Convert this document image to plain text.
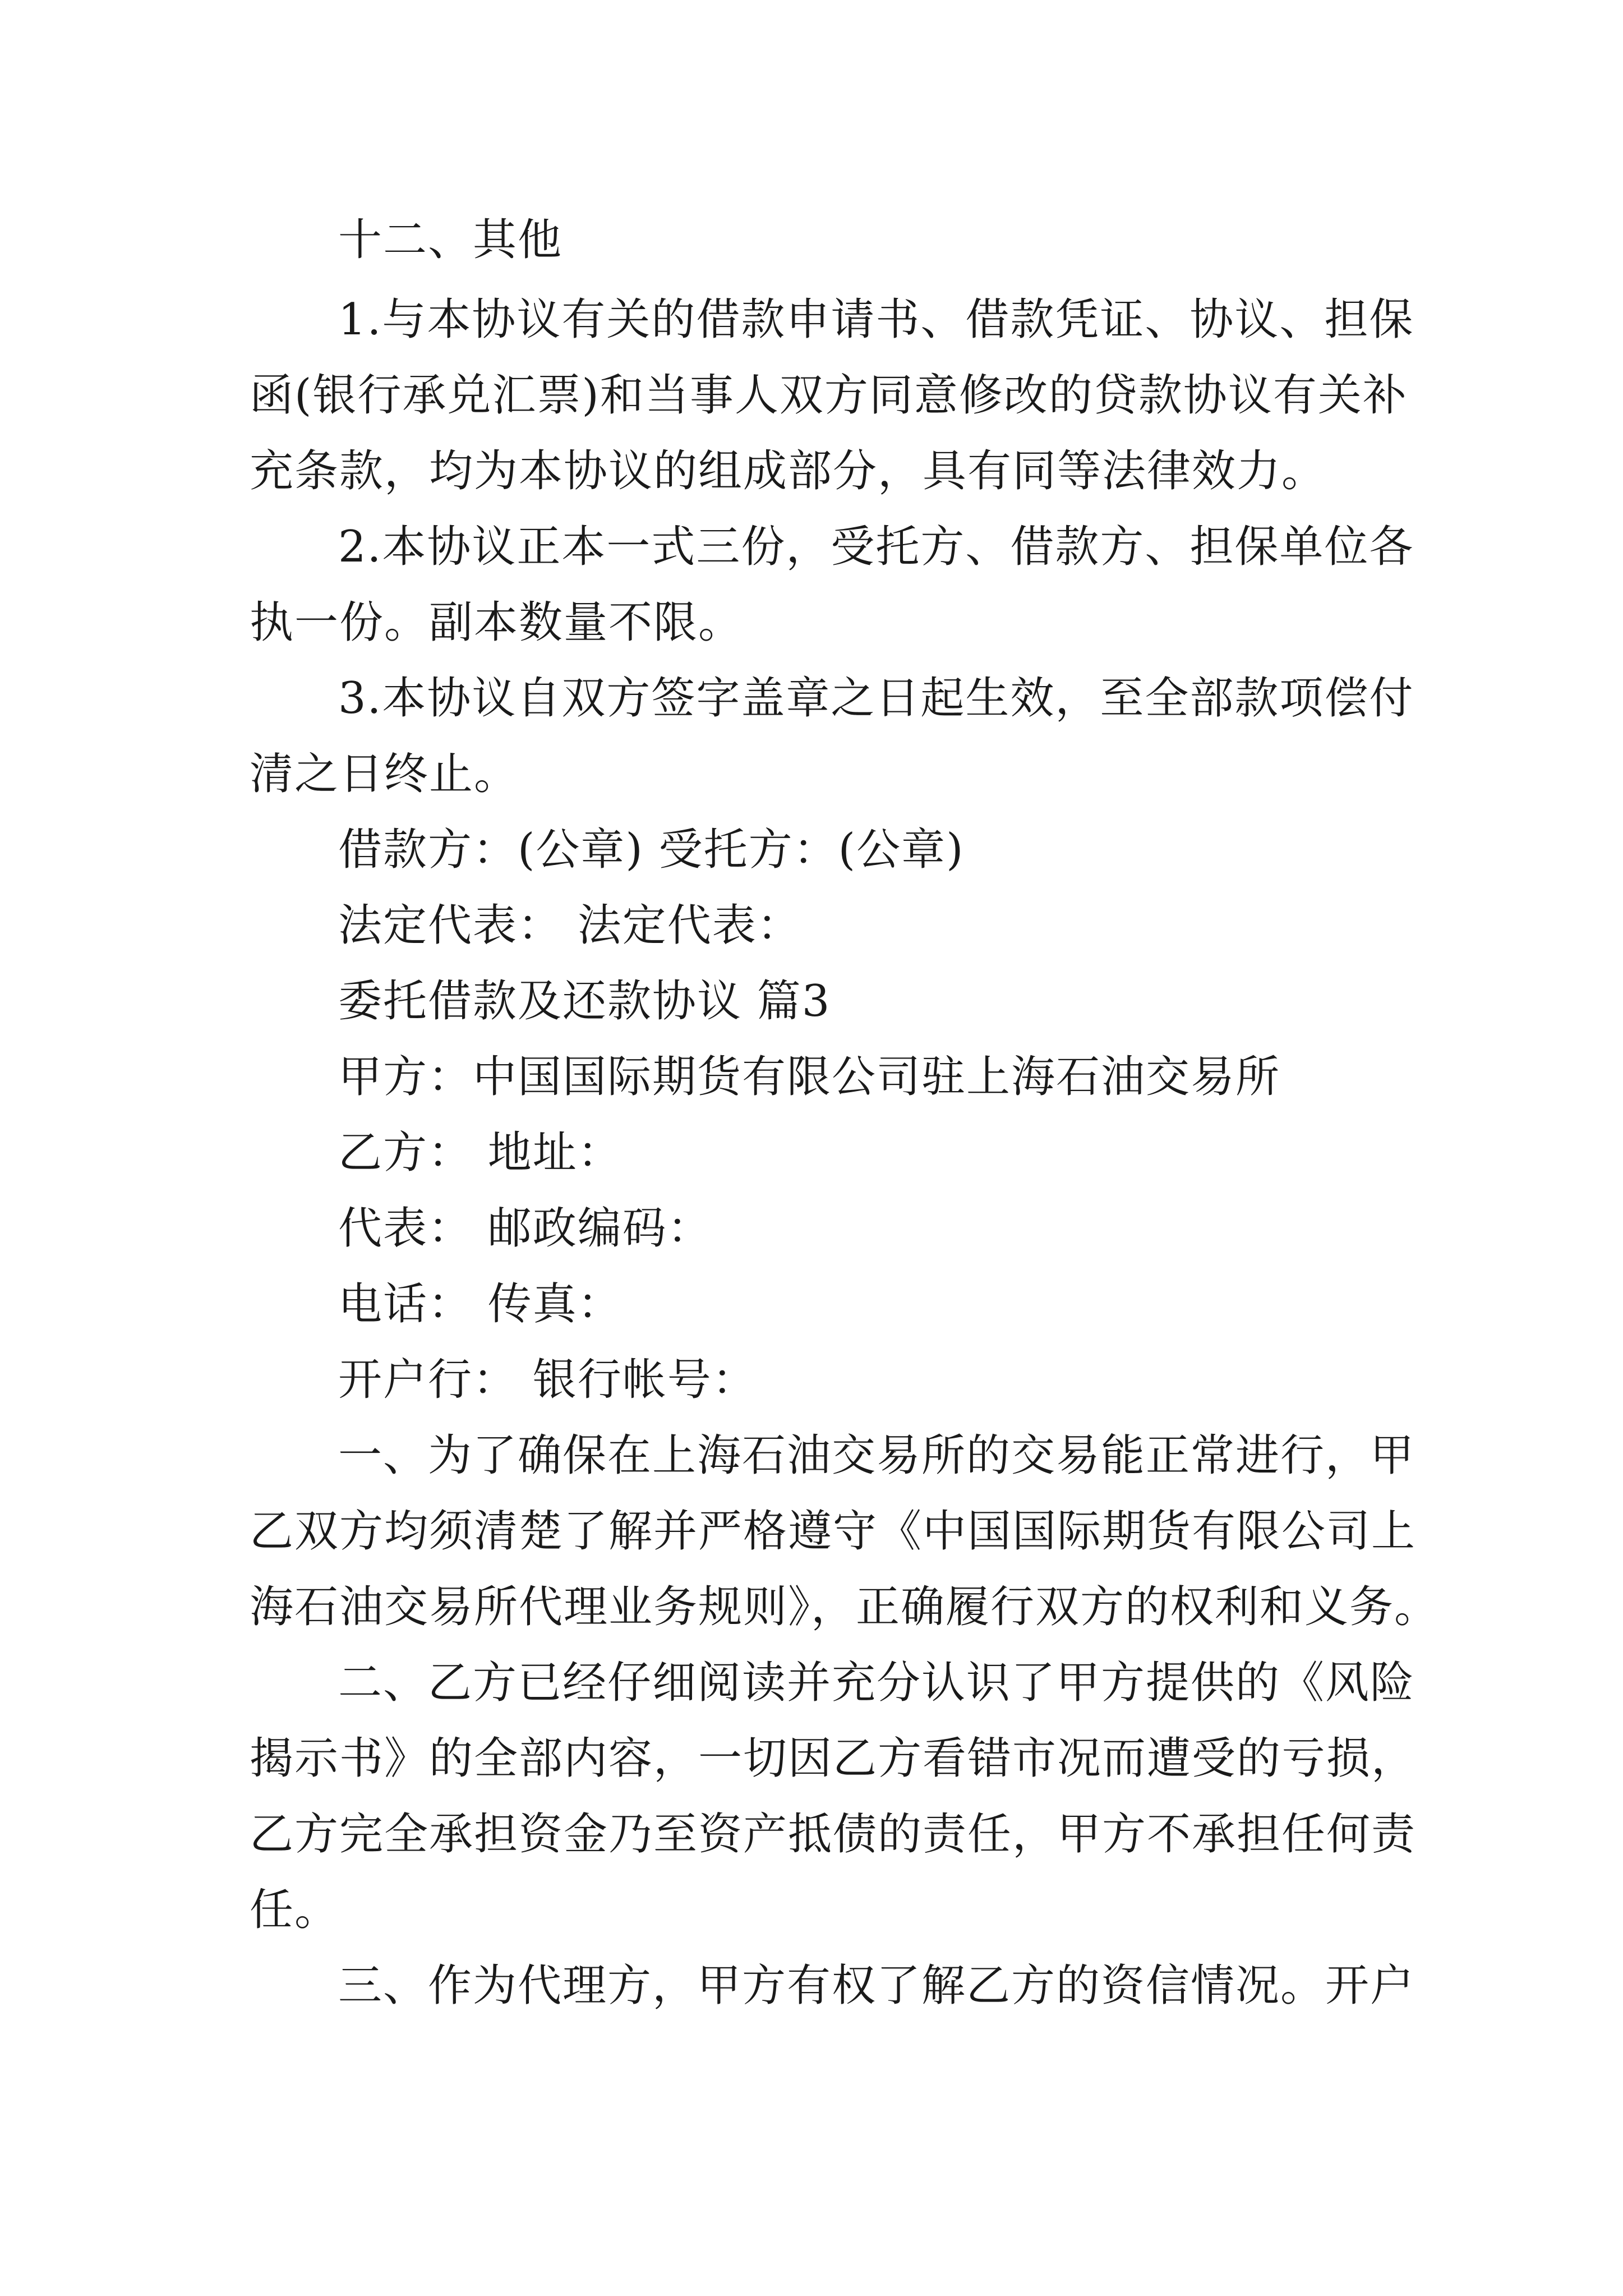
十二、其他

1.与本协议有关的借款申请书、借款凭证、协议、担保

函(银行承兑汇票)和当事人双方同意修改的贷款协议有关补

充条款，均为本协议的组成部分，具有同等法律效力。

2.本协议正本一式三份，受托方、借款方、担保单位各

执一份。副本数量不限。

3.本协议自双方签字盖章之日起生效，至全部款项偿付

清之日终止。

借款方：(公章) 受托方：(公章)

法定代表： 法定代表：

委托借款及还款协议 篇3

甲方：中国国际期货有限公司驻上海石油交易所

乙方： 地址：

代表： 邮政编码：

电话： 传真：

开户行： 银行帐号：

一、为了确保在上海石油交易所的交易能正常进行，甲

乙双方均须清楚了解并严格遵守《中国国际期货有限公司上

海石油交易所代理业务规则》，正确履行双方的权利和义务。

二、乙方已经仔细阅读并充分认识了甲方提供的《风险

揭示书》的全部内容，一切因乙方看错市况而遭受的亏损，

乙方完全承担资金乃至资产抵债的责任，甲方不承担任何责

任。

三、作为代理方，甲方有权了解乙方的资信情况。开户
